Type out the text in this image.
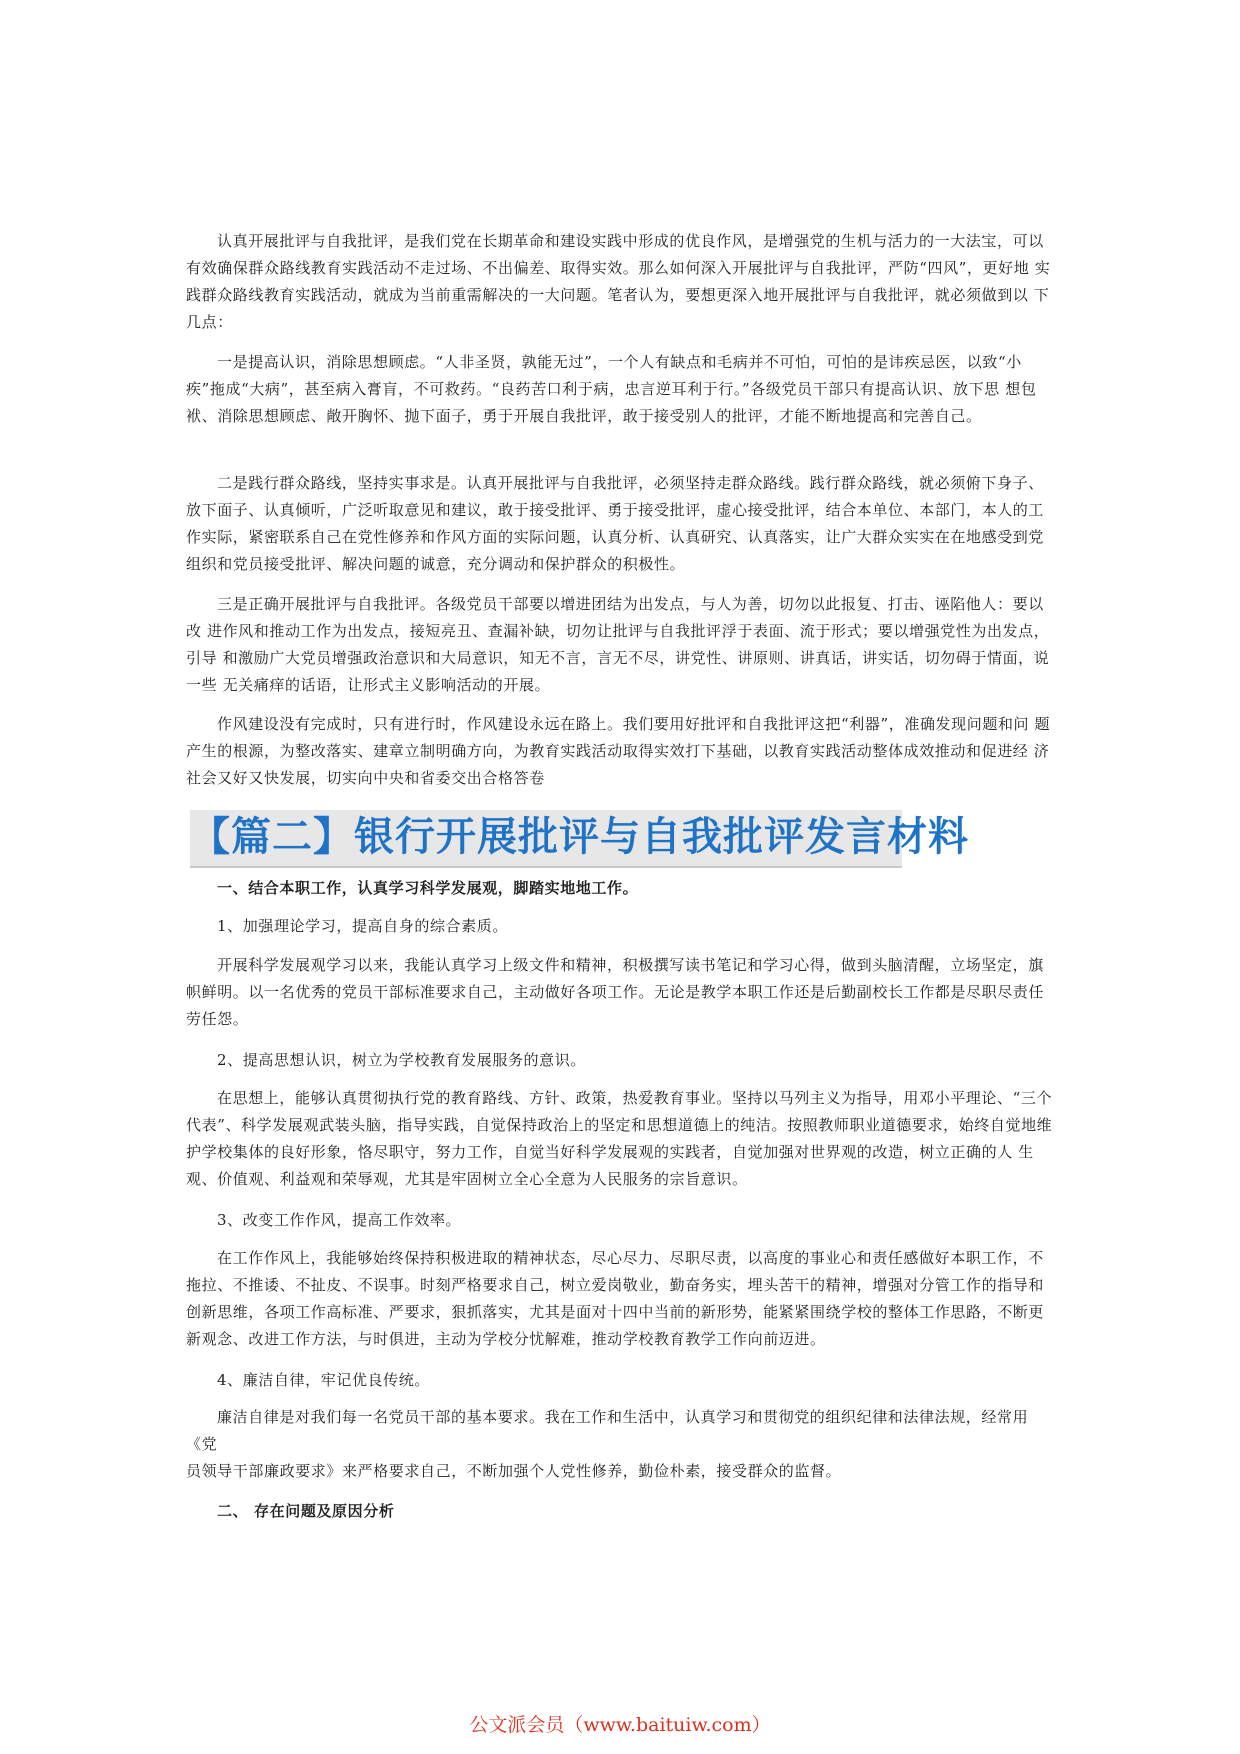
认真开展批评与自我批评，是我们党在长期革命和建设实践中形成的优良作风，是增强党的生机与活力的一大法宝，可以有效确保群众路线教育实践活动不走过场、不出偏差、取得实效。那么如何深入开展批评与自我批评，严防“四风”，更好地 实践群众路线教育实践活动，就成为当前重需解决的一大问题。笔者认为，要想更深入地开展批评与自我批评，就必须做到以 下几点：

一是提高认识，消除思想顾虑。“人非圣贤，孰能无过”，一个人有缺点和毛病并不可怕，可怕的是讳疾忌医，以致“小 疾”拖成“大病”，甚至病入膏肓，不可救药。“良药苦口利于病，忠言逆耳利于行。”各级党员干部只有提高认识、放下思 想包袱、消除思想顾虑、敞开胸怀、抛下面子，勇于开展自我批评，敢于接受别人的批评，才能不断地提高和完善自己。

二是践行群众路线，坚持实事求是。认真开展批评与自我批评，必须坚持走群众路线。践行群众路线，就必须俯下身子、放下面子、认真倾听，广泛听取意见和建议，敢于接受批评、勇于接受批评，虚心接受批评，结合本单位、本部门，本人的工作实际，紧密联系自己在党性修养和作风方面的实际问题，认真分析、认真研究、认真落实，让广大群众实实在在地感受到党组织和党员接受批评、解决问题的诚意，充分调动和保护群众的积极性。

三是正确开展批评与自我批评。各级党员干部要以增进团结为出发点，与人为善，切勿以此报复、打击、诬陷他人：要以改 进作风和推动工作为出发点，接短亮丑、查漏补缺，切勿让批评与自我批评浮于表面、流于形式；要以增强党性为出发点，引导 和激励广大党员增强政治意识和大局意识，知无不言，言无不尽，讲党性、讲原则、讲真话，讲实话，切勿碍于情面，说一些 无关痛痒的话语，让形式主义影响活动的开展。

作风建设没有完成时，只有进行时，作风建设永远在路上。我们要用好批评和自我批评这把“利器”，准确发现问题和问 题产生的根源，为整改落实、建章立制明确方向，为教育实践活动取得实效打下基础，以教育实践活动整体成效推动和促进经 济社会又好又快发展，切实向中央和省委交出合格答卷

【篇二】银行开展批评与自我批评发言材料

一、结合本职工作，认真学习科学发展观，脚踏实地地工作。

1、加强理论学习，提高自身的综合素质。

开展科学发展观学习以来，我能认真学习上级文件和精神，积极撰写读书笔记和学习心得，做到头脑清醒，立场坚定，旗帜鲜明。以一名优秀的党员干部标准要求自己，主动做好各项工作。无论是教学本职工作还是后勤副校长工作都是尽职尽责任 劳任怨。

2、提高思想认识，树立为学校教育发展服务的意识。

在思想上，能够认真贯彻执行党的教育路线、方针、政策，热爱教育事业。坚持以马列主义为指导，用邓小平理论、“三个代表”、科学发展观武装头脑，指导实践，自觉保持政治上的坚定和思想道德上的纯洁。按照教师职业道德要求，始终自觉地维护学校集体的良好形象，恪尽职守，努力工作，自觉当好科学发展观的实践者，自觉加强对世界观的改造，树立正确的人 生观、价值观、利益观和荣辱观，尤其是牢固树立全心全意为人民服务的宗旨意识。

3、改变工作作风，提高工作效率。

在工作作风上，我能够始终保持积极进取的精神状态，尽心尽力、尽职尽责，以高度的事业心和责任感做好本职工作，不拖拉、不推诿、不扯皮、不误事。时刻严格要求自己，树立爱岗敬业，勤奋务实，埋头苦干的精神，增强对分管工作的指导和创新思维，各项工作高标准、严要求，狠抓落实，尤其是面对十四中当前的新形势，能紧紧围绕学校的整体工作思路，不断更新观念、改进工作方法，与时俱进，主动为学校分忧解难，推动学校教育教学工作向前迈进。

4、廉洁自律，牢记优良传统。

廉洁自律是对我们每一名党员干部的基本要求。我在工作和生活中，认真学习和贯彻党的组织纪律和法律法规，经常用《党

员领导干部廉政要求》来严格要求自己，不断加强个人党性修养，勤俭朴素，接受群众的监督。

二、 存在问题及原因分析

公文派会员（www.baituiw.com）
